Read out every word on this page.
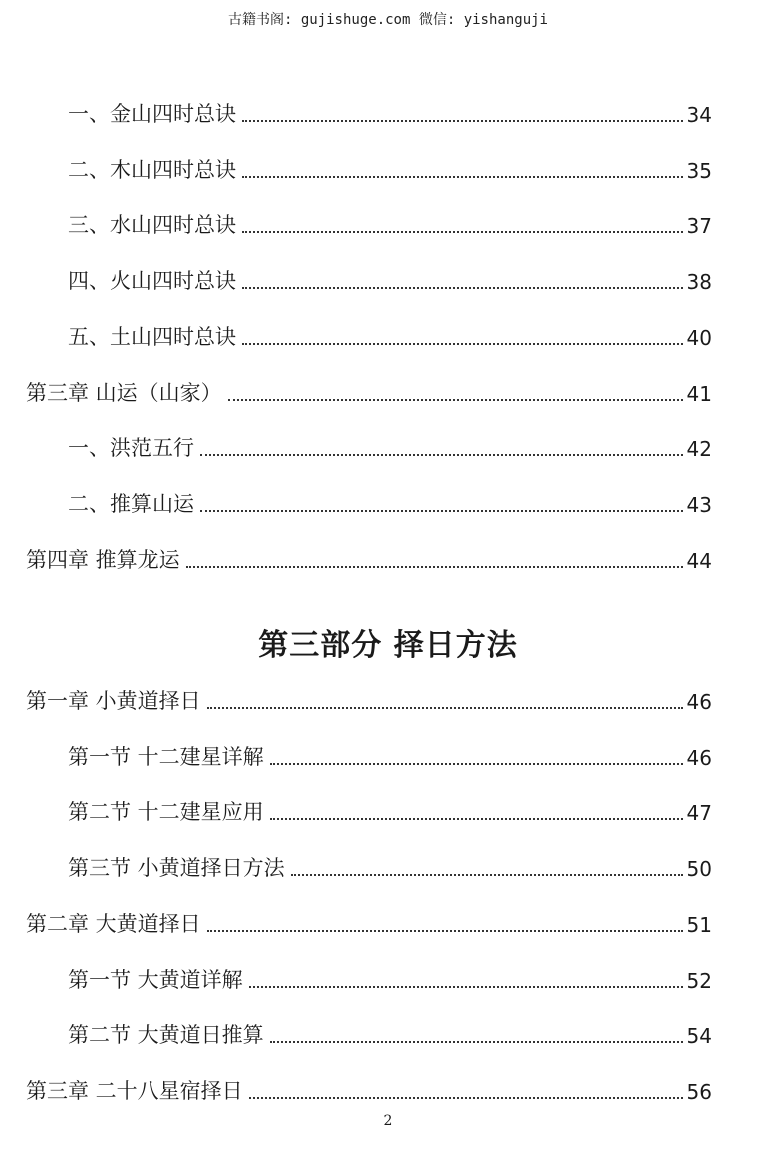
古籍书阁: gujishuge.com 微信: yishanguji
一、金山四时总诀	34
二、木山四时总诀	35
三、水山四时总诀	37
四、火山四时总诀	38
五、土山四时总诀	40
第三章 山运（山家）	41
一、洪范五行	42
二、推算山运	43
第四章 推算龙运	44
第三部分 择日方法
第一章 小黄道择日	46
第一节 十二建星详解	46
第二节 十二建星应用	47
第三节 小黄道择日方法	50
第二章 大黄道择日	51
第一节 大黄道详解	52
第二节 大黄道日推算	54
第三章 二十八星宿择日	56
2
